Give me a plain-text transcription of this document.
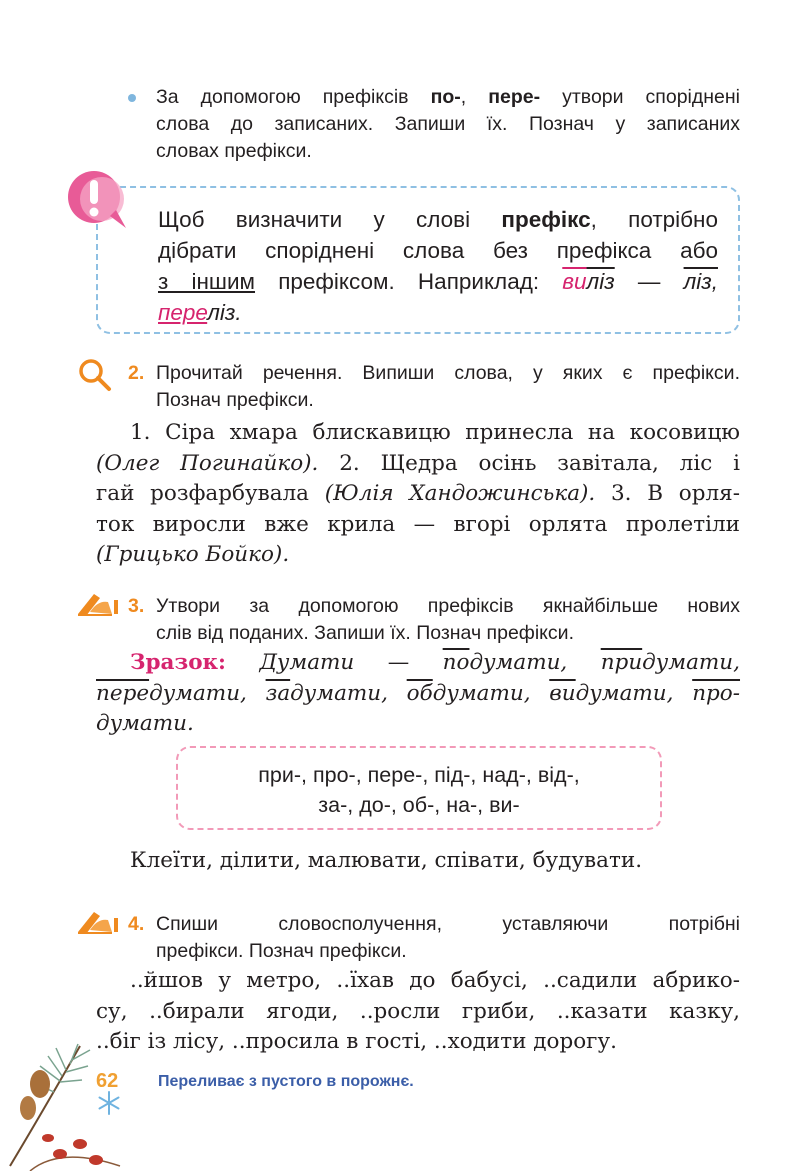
За допомогою префіксів по-, пере- утвори споріднені
слова до записаних. Запиши їх. Познач у записаних
словах префікси.
Щоб визначити у слові префікс, потрібно
дібрати споріднені слова без префікса або
з іншим префіксом. Наприклад: виліз — ліз,
переліз.
2. Прочитай речення. Випиши слова, у яких є префікси.
Познач префікси.
1. Сіра хмара блискавицю принесла на косовицю
(Олег Погинайко). 2. Щедра осінь завітала, ліс і
гай розфарбувала (Юлія Хандожинська). 3. В орля-
ток виросли вже крила — вгорі орлята пролетіли
(Грицько Бойко).
3. Утвори за допомогою префіксів якнайбільше нових
слів від поданих. Запиши їх. Познач префікси.
Зразок: Думати — подумати, придумати,
передумати, задумати, обдумати, видумати, про-
думати.
при-, про-, пере-, під-, над-, від-,
за-, до-, об-, на-, ви-
Клеїти, ділити, малювати, співати, будувати.
4. Спиши словосполучення, уставляючи потрібні
префікси. Познач префікси.
..йшов у метро, ..їхав до бабусі, ..садили абрико-
су, ..бирали ягоди, ..росли гриби, ..казати казку,
..біг із лісу, ..просила в гості, ..ходити дорогу.
62 Переливає з пустого в порожнє.
